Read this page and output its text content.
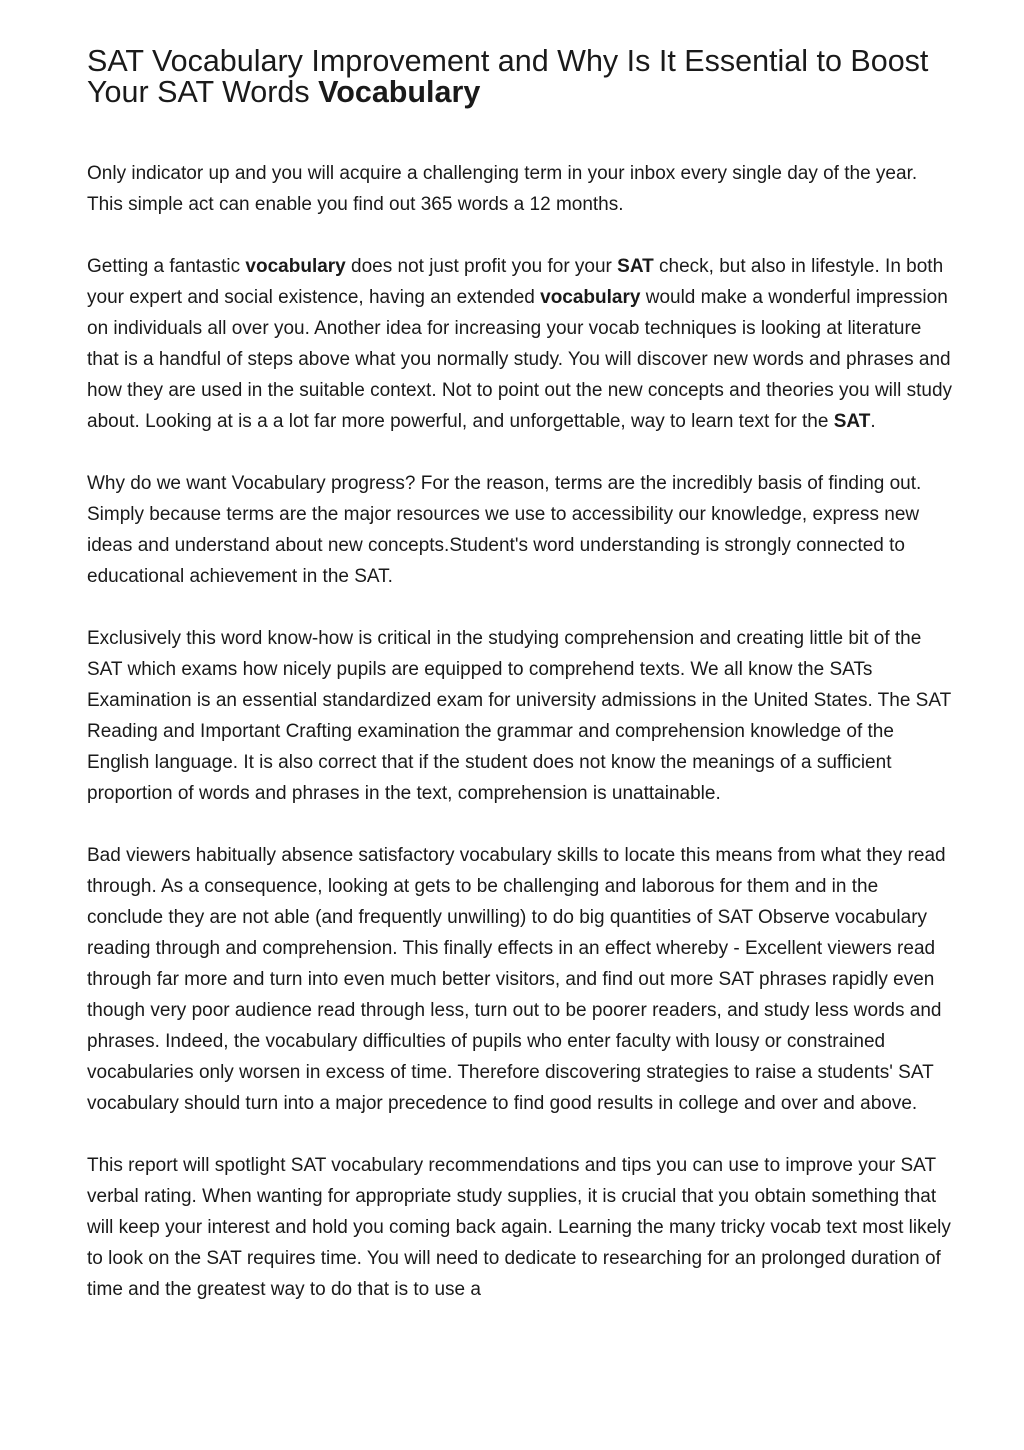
SAT Vocabulary Improvement and Why Is It Essential to Boost Your SAT Words Vocabulary

Only indicator up and you will acquire a challenging term in your inbox every single day of the year. This simple act can enable you find out 365 words a 12 months.

Getting a fantastic vocabulary does not just profit you for your SAT check, but also in lifestyle. In both your expert and social existence, having an extended vocabulary would make a wonderful impression on individuals all over you. Another idea for increasing your vocab techniques is looking at literature that is a handful of steps above what you normally study. You will discover new words and phrases and how they are used in the suitable context. Not to point out the new concepts and theories you will study about. Looking at is a a lot far more powerful, and unforgettable, way to learn text for the SAT.

Why do we want Vocabulary progress? For the reason, terms are the incredibly basis of finding out. Simply because terms are the major resources we use to accessibility our knowledge, express new ideas and understand about new concepts.Student's word understanding is strongly connected to educational achievement in the SAT.

Exclusively this word know-how is critical in the studying comprehension and creating little bit of the SAT which exams how nicely pupils are equipped to comprehend texts. We all know the SATs Examination is an essential standardized exam for university admissions in the United States. The SAT Reading and Important Crafting examination the grammar and comprehension knowledge of the English language. It is also correct that if the student does not know the meanings of a sufficient proportion of words and phrases in the text, comprehension is unattainable.

Bad viewers habitually absence satisfactory vocabulary skills to locate this means from what they read through. As a consequence, looking at gets to be challenging and laborous for them and in the conclude they are not able (and frequently unwilling) to do big quantities of SAT Observe vocabulary reading through and comprehension. This finally effects in an effect whereby - Excellent viewers read through far more and turn into even much better visitors, and find out more SAT phrases rapidly even though very poor audience read through less, turn out to be poorer readers, and study less words and phrases. Indeed, the vocabulary difficulties of pupils who enter faculty with lousy or constrained vocabularies only worsen in excess of time. Therefore discovering strategies to raise a students' SAT vocabulary should turn into a major precedence to find good results in college and over and above.

This report will spotlight SAT vocabulary recommendations and tips you can use to improve your SAT verbal rating. When wanting for appropriate study supplies, it is crucial that you obtain something that will keep your interest and hold you coming back again. Learning the many tricky vocab text most likely to look on the SAT requires time. You will need to dedicate to researching for an prolonged duration of time and the greatest way to do that is to use a
